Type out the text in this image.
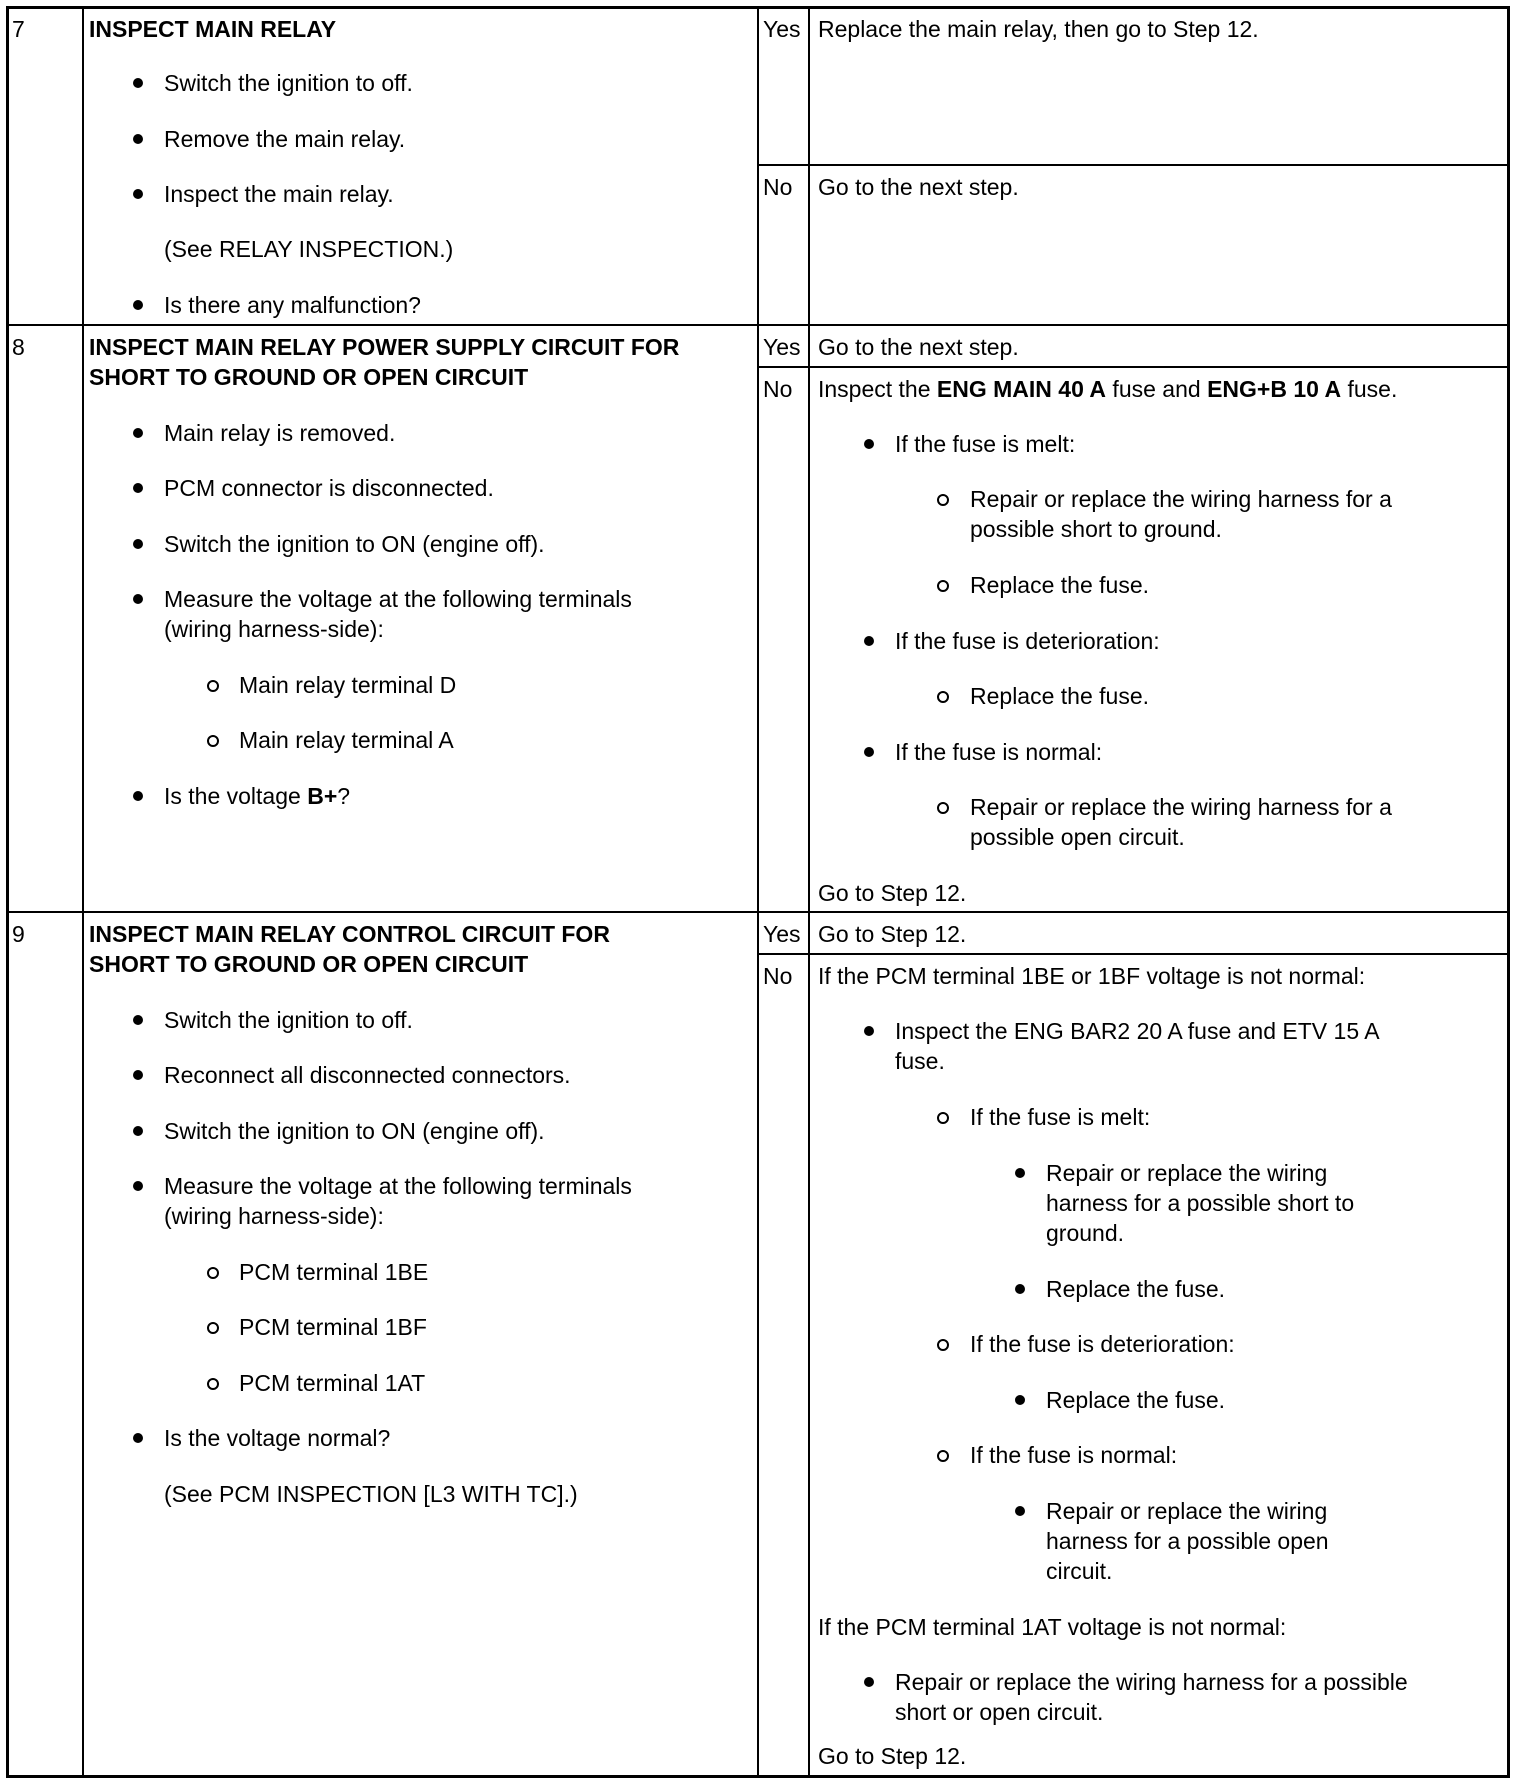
7	INSPECT MAIN RELAY
Switch the ignition to off.
Remove the main relay.
Inspect the main relay.
(See RELAY INSPECTION.)
Is there any malfunction?
Yes Replace the main relay, then go to Step 12.
No Go to the next step.
8	INSPECT MAIN RELAY POWER SUPPLY CIRCUIT FOR
SHORT TO GROUND OR OPEN CIRCUIT
Main relay is removed.
PCM connector is disconnected.
Switch the ignition to ON (engine off).
Measure the voltage at the following terminals
(wiring harness-side):
Main relay terminal D
Main relay terminal A
Is the voltage B+?
Yes Go to the next step.
No Inspect the ENG MAIN 40 A fuse and ENG+B 10 A fuse.
If the fuse is melt:
Repair or replace the wiring harness for a
possible short to ground.
Replace the fuse.
If the fuse is deterioration:
Replace the fuse.
If the fuse is normal:
Repair or replace the wiring harness for a
possible open circuit.
Go to Step 12.
9	INSPECT MAIN RELAY CONTROL CIRCUIT FOR
SHORT TO GROUND OR OPEN CIRCUIT
Switch the ignition to off.
Reconnect all disconnected connectors.
Switch the ignition to ON (engine off).
Measure the voltage at the following terminals
(wiring harness-side):
PCM terminal 1BE
PCM terminal 1BF
PCM terminal 1AT
Is the voltage normal?
(See PCM INSPECTION [L3 WITH TC].)
Yes Go to Step 12.
No If the PCM terminal 1BE or 1BF voltage is not normal:
Inspect the ENG BAR2 20 A fuse and ETV 15 A
fuse.
If the fuse is melt:
Repair or replace the wiring
harness for a possible short to
ground.
Replace the fuse.
If the fuse is deterioration:
Replace the fuse.
If the fuse is normal:
Repair or replace the wiring
harness for a possible open
circuit.
If the PCM terminal 1AT voltage is not normal:
Repair or replace the wiring harness for a possible
short or open circuit.
Go to Step 12.
